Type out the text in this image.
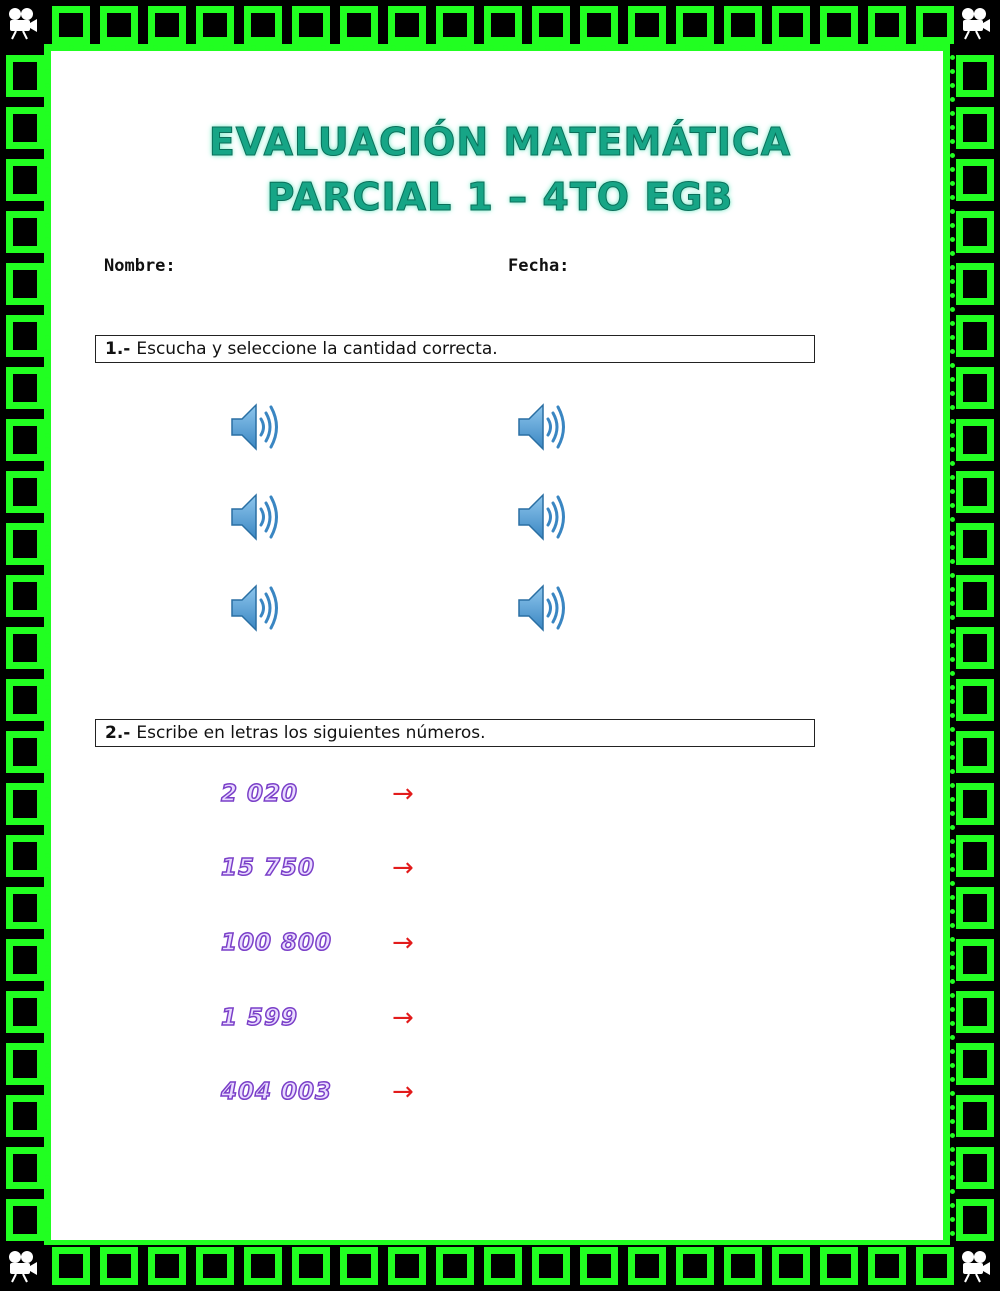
EVALUACIÓN MATEMÁTICA
PARCIAL 1 – 4TO EGB
Nombre:	Fecha:
1.- Escucha y seleccione la cantidad correcta.
2.- Escribe en letras los siguientes números.
2 020	→
15 750	→
100 800 →
1 599	→
404 003 →
